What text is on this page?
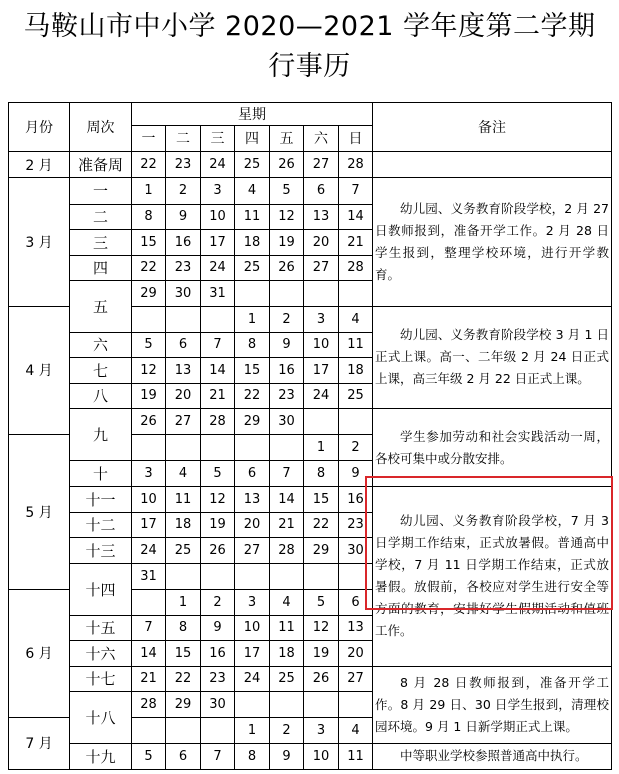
马鞍山市中小学 2020—2021 学年度第二学期
行事历
月份	周次	星期							备注
		一	二	三	四	五	六	日	
2 月	准备周	22	23	24	25	26	27	28	
3 月	一	1	2	3	4	5	6	7	幼儿园、义务教育阶段学校，2 月 27 日教师报到，准备开学工作。2 月 28 日学生报到，整理学校环境，进行开学教育。

	二	8	9	10	11	12	13	14	
	三	15	16	17	18	19	20	21	
	四	22	23	24	25	26	27	28	
	五	29	30	31					
4 月					1	2	3	4	幼儿园、义务教育阶段学校 3 月 1 日正式上课。高一、二年级 2 月 24 日正式上课，高三年级 2 月 22 日正式上课。

	六	5	6	7	8	9	10	11	
	七	12	13	14	15	16	17	18	
	八	19	20	21	22	23	24	25	
	九	26	27	28	29	30			学生参加劳动和社会实践活动一周，各校可集中或分散安排。

5 月							1	2	
	十	3	4	5	6	7	8	9	
	十一	10	11	12	13	14	15	16	幼儿园、义务教育阶段学校，7 月 3 日学期工作结束，正式放暑假。普通高中学校，7 月 11 日学期工作结束，正式放暑假。放假前，各校应对学生进行安全等方面的教育，安排好学生假期活动和值班工作。

	十二	17	18	19	20	21	22	23	
	十三	24	25	26	27	28	29	30	
	十四	31							
6 月			1	2	3	4	5	6	
	十五	7	8	9	10	11	12	13	
	十六	14	15	16	17	18	19	20	
	十七	21	22	23	24	25	26	27	8 月 28 日教师报到，准备开学工作。8 月 29 日、30 日学生报到，清理校园环境。9 月 1 日新学期正式上课。

	十八	28	29	30					
7 月					1	2	3	4	
	十九	5	6	7	8	9	10	11	中等职业学校参照普通高中执行。
